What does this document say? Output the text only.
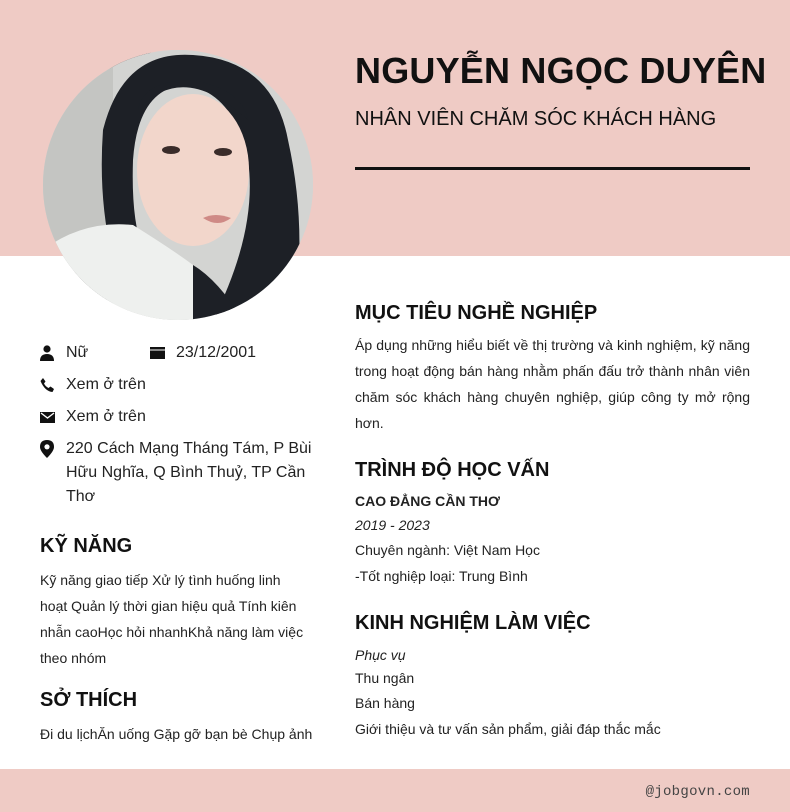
NGUYỄN NGỌC DUYÊN
NHÂN VIÊN CHĂM SÓC KHÁCH HÀNG
Nữ	23/12/2001
Xem ở trên
Xem ở trên
220 Cách Mạng Tháng Tám, P Bùi Hữu Nghĩa, Q Bình Thuỷ, TP Cần Thơ
KỸ NĂNG
Kỹ năng giao tiếp Xử lý tình huống linh hoạt Quản lý thời gian hiệu quả Tính kiên nhẫn caoHọc hỏi nhanhKhả năng làm việc theo nhóm
SỞ THÍCH
Đi du lịchĂn uống Gặp gỡ bạn bè Chụp ảnh
MỤC TIÊU NGHỀ NGHIỆP
Áp dụng những hiểu biết về thị trường và kinh nghiệm, kỹ năng trong hoạt động bán hàng nhằm phấn đấu trở thành nhân viên chăm sóc khách hàng chuyên nghiệp, giúp công ty mở rộng hơn.
TRÌNH ĐỘ HỌC VẤN
CAO ĐẲNG CẦN THƠ
2019 - 2023
Chuyên ngành: Việt Nam Học
-Tốt nghiệp loại: Trung Bình
KINH NGHIỆM LÀM VIỆC
Phục vụ
Thu ngân
Bán hàng
Giới thiệu và tư vấn sản phẩm, giải đáp thắc mắc
@jobgovn.com
